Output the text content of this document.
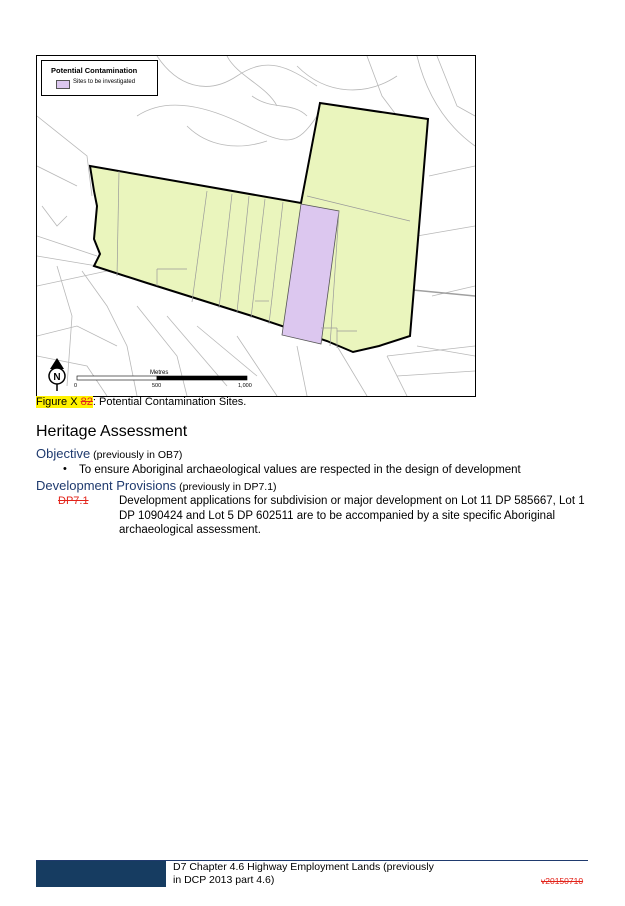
N
Potential Contamination
Sites to be investigated
Metres
0	500	1,000
Figure X 82: Potential Contamination Sites.
Heritage Assessment
Objective (previously in OB7)
• To ensure Aboriginal archaeological values are respected in the design of development
Development Provisions (previously in DP7.1)
DP7.1	Development applications for subdivision or major development on Lot 11 DP 585667, Lot 1 DP 1090424 and Lot 5 DP 602511 are to be accompanied by a site specific Aboriginal archaeological assessment.
D7 Chapter 4.6 Highway Employment Lands (previously
in DCP 2013 part 4.6)	v20150710
